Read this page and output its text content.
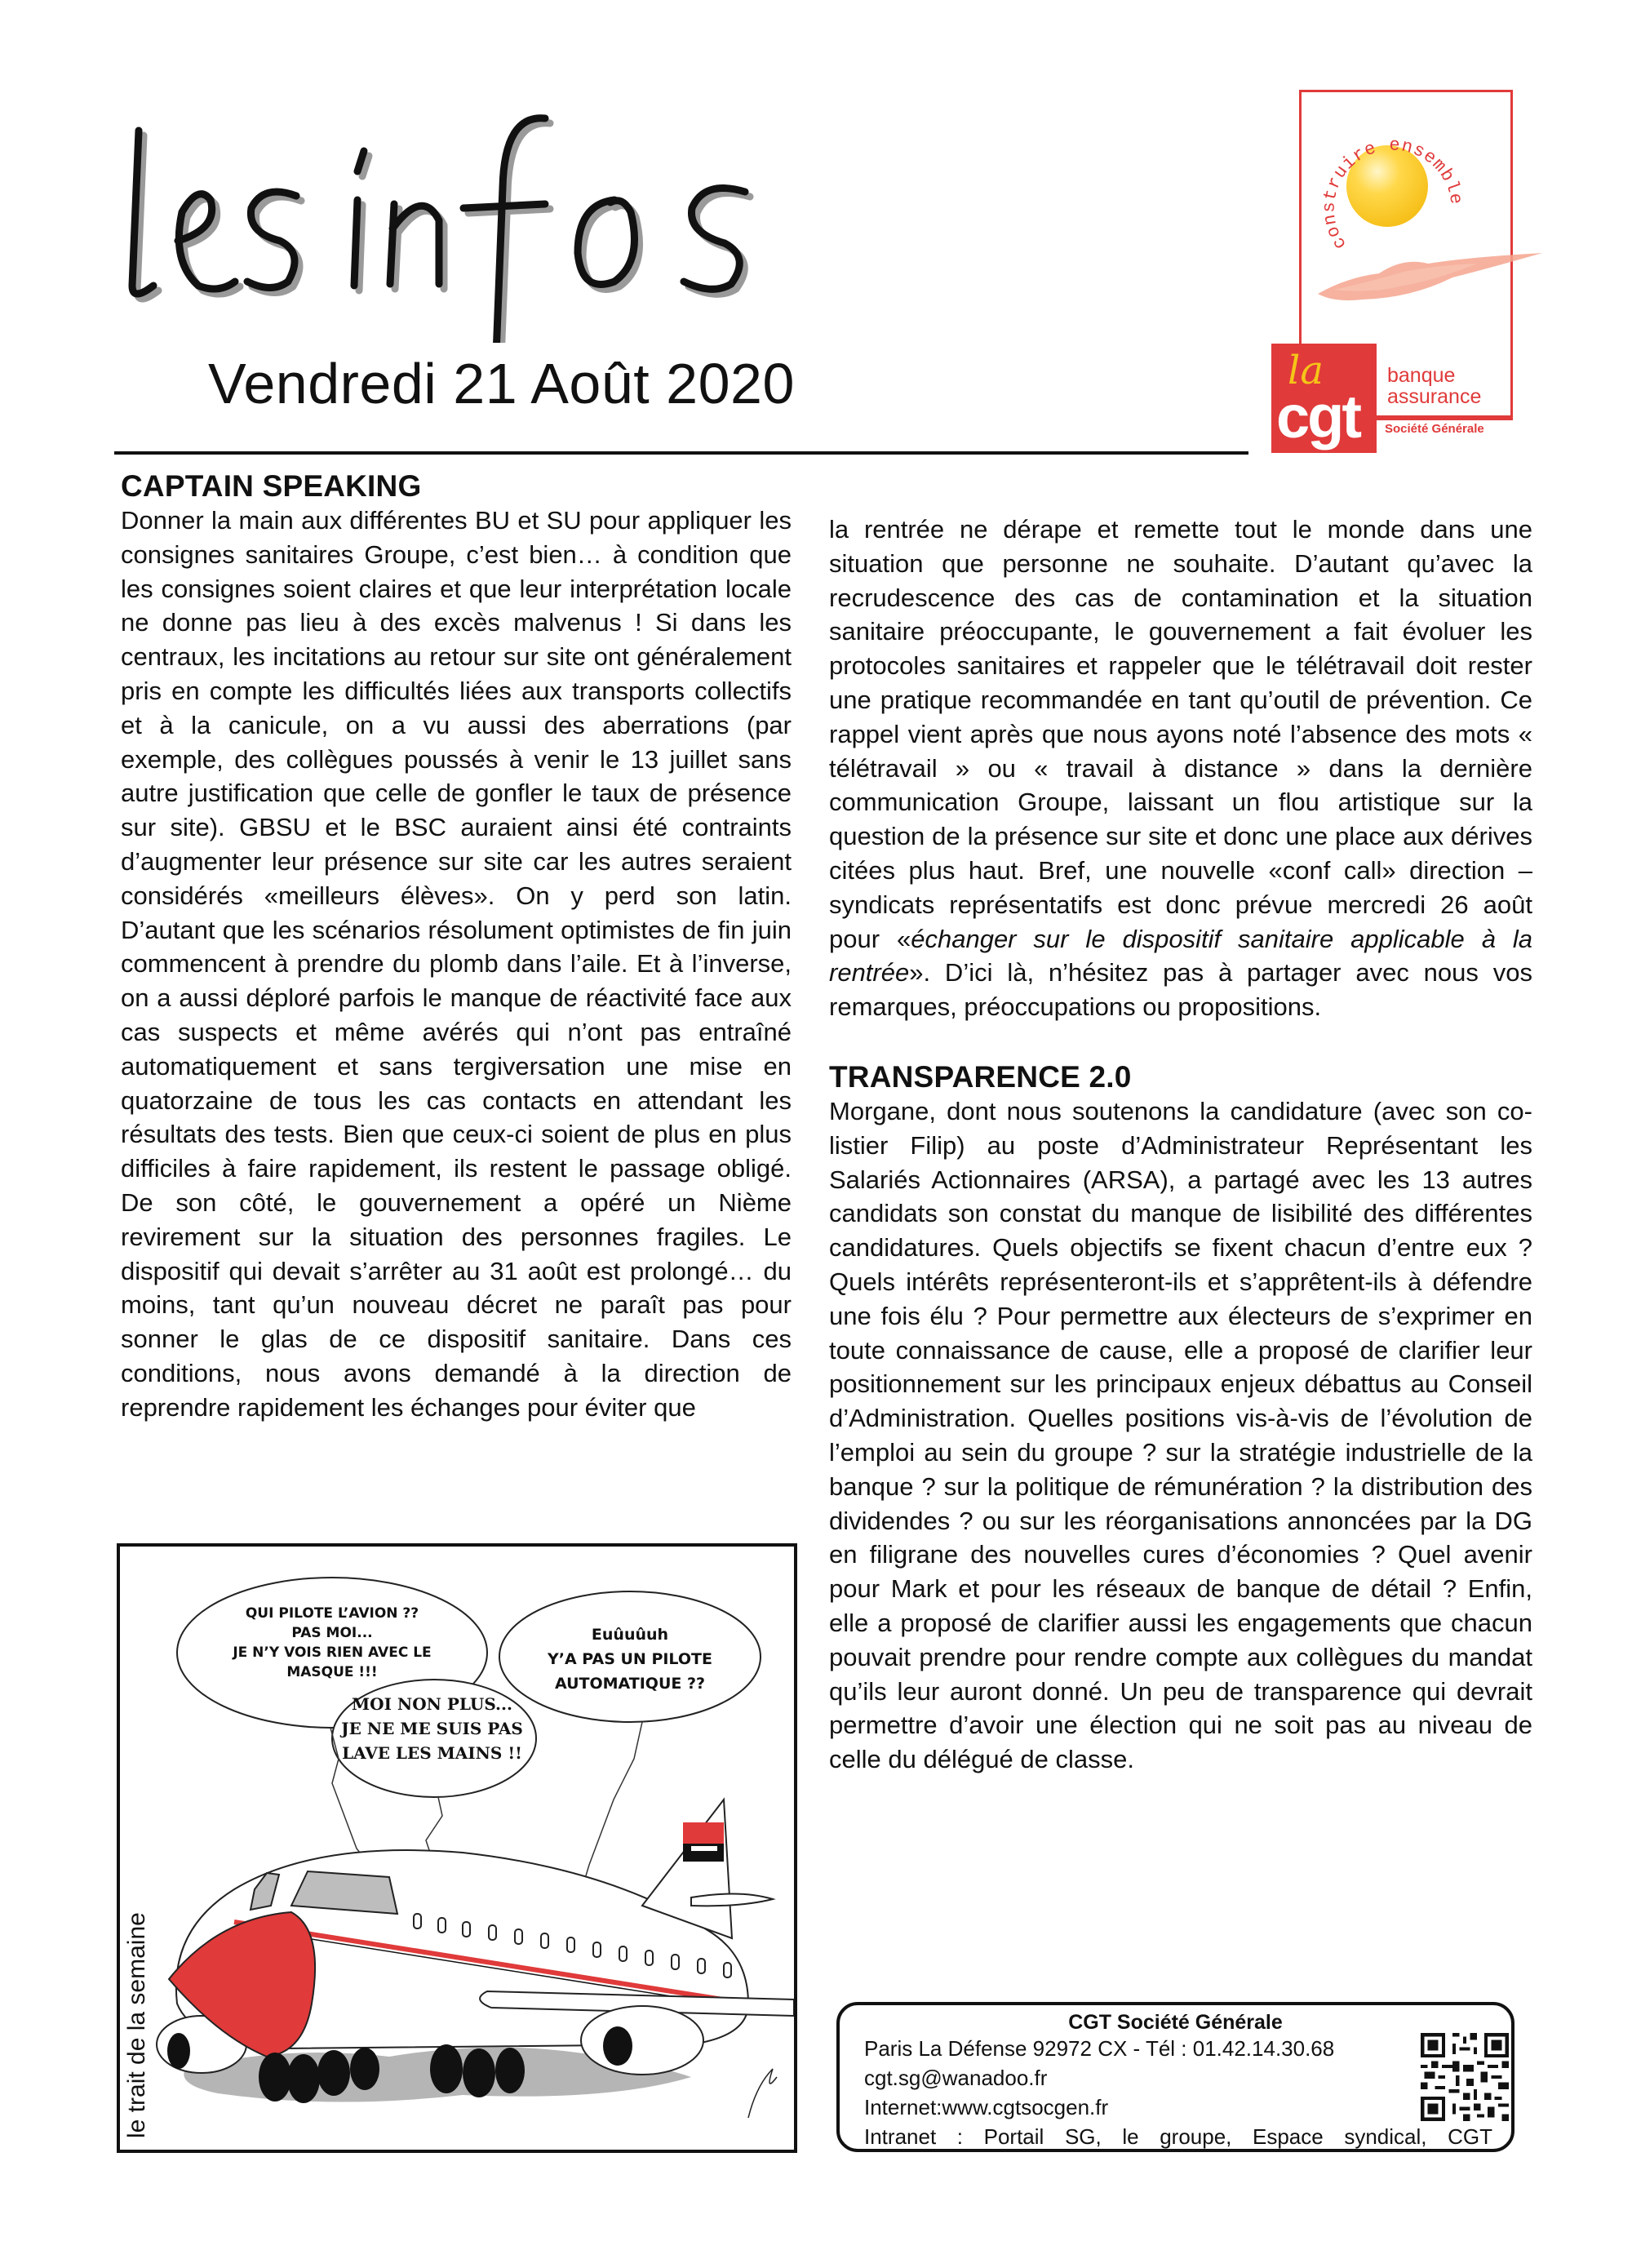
Vendredi 21 Août 2020
construire ensemble
la
cgt
banque
assurance
Société Générale
CAPTAIN SPEAKING

Donner la main aux différentes BU et SU pour appliquer les consignes sanitaires Groupe, c’est bien… à condition que les consignes soient claires et que leur interprétation locale ne donne pas lieu à des excès malvenus ! Si dans les centraux, les incitations au retour sur site ont généralement pris en compte les difficultés liées aux transports collectifs et à la canicule, on a vu aussi des aberrations (par exemple, des collègues poussés à venir le 13 juillet sans autre justification que celle de gonfler le taux de présence sur site). GBSU et le BSC auraient ainsi été contraints d’augmenter leur présence sur site car les autres seraient considérés «meilleurs élèves». On y perd son latin. D’autant que les scénarios résolument optimistes de fin juin commencent à prendre du plomb dans l’aile. Et à l’inverse, on a aussi déploré parfois le manque de réactivité face aux cas suspects et même avérés qui n’ont pas entraîné automatiquement et sans tergiversation une mise en quatorzaine de tous les cas contacts en attendant les résultats des tests. Bien que ceux-ci soient de plus en plus difficiles à faire rapidement, ils restent le passage obligé. De son côté, le gouvernement a opéré un Nième revirement sur la situation des personnes fragiles. Le dispositif qui devait s’arrêter au 31 août est prolongé… du moins, tant qu’un nouveau décret ne paraît pas pour sonner le glas de ce dispositif sanitaire. Dans ces conditions, nous avons demandé à la direction de reprendre rapidement les échanges pour éviter que

la rentrée ne dérape et remette tout le monde dans une situation que personne ne souhaite. D’autant qu’avec la recrudescence des cas de contamination et la situation sanitaire préoccupante, le gouvernement a fait évoluer les protocoles sanitaires et rappeler que le télétravail doit rester une pratique recommandée en tant qu’outil de prévention. Ce rappel vient après que nous ayons noté l’absence des mots « télétravail » ou « travail à distance » dans la dernière communication Groupe, laissant un flou artistique sur la question de la présence sur site et donc une place aux dérives citées plus haut. Bref, une nouvelle «conf call» direction – syndicats représentatifs est donc prévue mercredi 26 août pour «échanger sur le dispositif sanitaire applicable à la rentrée». D’ici là, n’hésitez pas à partager avec nous vos remarques, préoccupations ou propositions.

TRANSPARENCE 2.0

Morgane, dont nous soutenons la candidature (avec son co-listier Filip) au poste d’Administrateur Représentant les Salariés Actionnaires (ARSA), a partagé avec les 13 autres candidats son constat du manque de lisibilité des différentes candidatures. Quels objectifs se fixent chacun d’entre eux ? Quels intérêts représenteront-ils et s’apprêtent-ils à défendre une fois élu ? Pour permettre aux électeurs de s’exprimer en toute connaissance de cause, elle a proposé de clarifier leur positionnement sur les principaux enjeux débattus au Conseil d’Administration. Quelles positions vis-à-vis de l’évolution de l’emploi au sein du groupe ? sur la stratégie industrielle de la banque ? sur la politique de rémunération ? la distribution des dividendes ? ou sur les réorganisations annoncées par la DG en filigrane des nouvelles cures d’économies ? Quel avenir pour Mark et pour les réseaux de banque de détail ? Enfin, elle a proposé de clarifier aussi les engagements que chacun pouvait prendre pour rendre compte aux collègues du mandat qu’ils leur auront donné. Un peu de transparence qui devrait permettre d’avoir une élection qui ne soit pas au niveau de celle du délégué de classe.

QUI PILOTE L’AVION ??
PAS MOI...
JE N’Y VOIS RIEN AVEC LE
MASQUE !!!
MOI NON PLUS...
JE NE ME SUIS PAS
LAVE LES MAINS !!
Euûuûuh
Y’A PAS UN PILOTE
AUTOMATIQUE ??
le trait de la semaine	CGT Société Générale
Paris La Défense 92972 CX - Tél : 01.42.14.30.68
cgt.sg@wanadoo.fr
Internet:www.cgtsocgen.fr
Intranet : Portail SG, le groupe, Espace syndical, CGT
